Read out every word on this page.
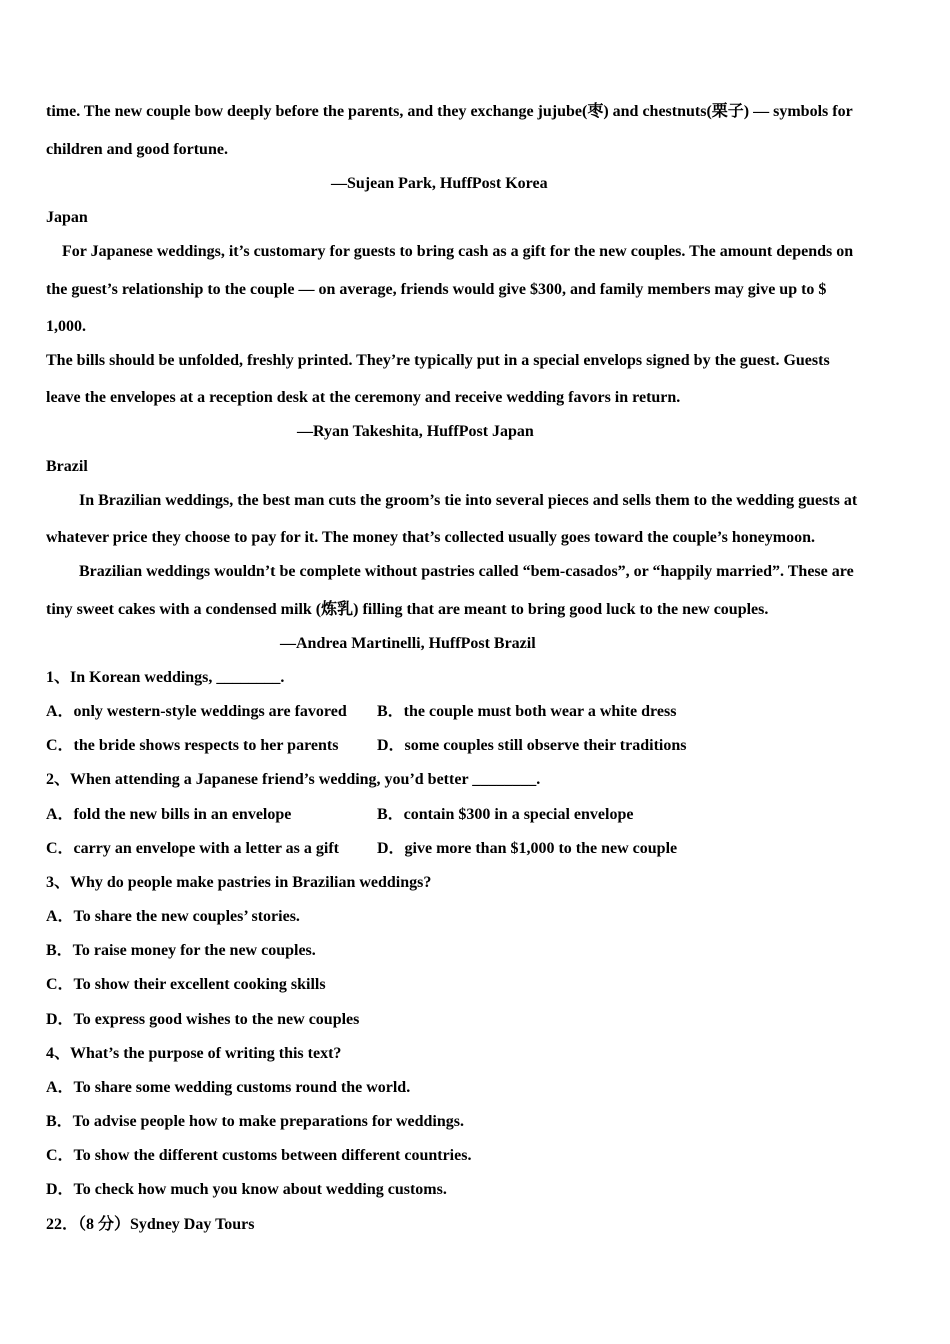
time. The new couple bow deeply before the parents, and they exchange jujube(枣) and chestnuts(栗子) — symbols for
children and good fortune.
—Sujean Park, HuffPost Korea
Japan
For Japanese weddings, it’s customary for guests to bring cash as a gift for the new couples. The amount depends on
the guest’s relationship to the couple — on average, friends would give $300, and family members may give up to $
1,000.
The bills should be unfolded, freshly printed. They’re typically put in a special envelops signed by the guest. Guests
leave the envelopes at a reception desk at the ceremony and receive wedding favors in return.
—Ryan Takeshita, HuffPost Japan
Brazil
In Brazilian weddings, the best man cuts the groom’s tie into several pieces and sells them to the wedding guests at
whatever price they choose to pay for it. The money that’s collected usually goes toward the couple’s honeymoon.
Brazilian weddings wouldn’t be complete without pastries called “bem-casados”, or “happily married”. These are
tiny sweet cakes with a condensed milk (炼乳) filling that are meant to bring good luck to the new couples.
—Andrea Martinelli, HuffPost Brazil
1、In Korean weddings, ________.
A．only western-style weddings are favored B．the couple must both wear a white dress
C．the bride shows respects to her parents D．some couples still observe their traditions
2、When attending a Japanese friend’s wedding, you’d better ________.
A．fold the new bills in an envelope	B．contain $300 in a special envelope
C．carry an envelope with a letter as a gift D．give more than $1,000 to the new couple
3、Why do people make pastries in Brazilian weddings?
A．To share the new couples’ stories.
B．To raise money for the new couples.
C．To show their excellent cooking skills
D．To express good wishes to the new couples
4、What’s the purpose of writing this text?
A．To share some wedding customs round the world.
B．To advise people how to make preparations for weddings.
C．To show the different customs between different countries.
D．To check how much you know about wedding customs.
22．（8 分）Sydney Day Tours
